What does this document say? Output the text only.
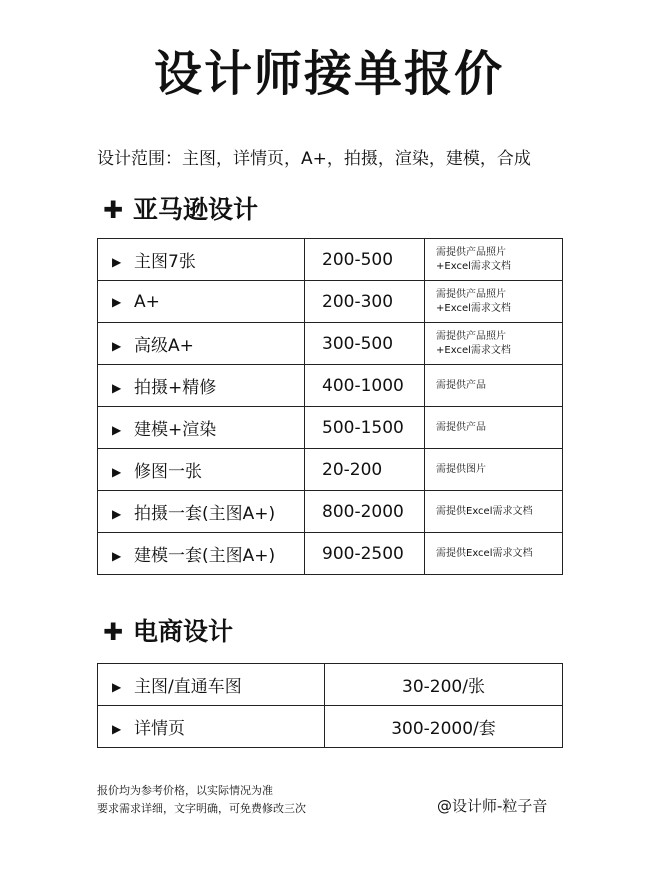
设计师接单报价
设计范围：主图，详情页，A+，拍摄，渲染，建模，合成
✚ 亚马逊设计
▶ 主图7张	200-500	需提供产品照片
+Excel需求文档

▶ A+	200-300	需提供产品照片
+Excel需求文档

▶ 高级A+	300-500	需提供产品照片
+Excel需求文档

▶ 拍摄+精修	400-1000	需提供产品

▶ 建模+渲染	500-1500	需提供产品

▶ 修图一张	20-200	需提供图片

▶ 拍摄一套(主图A+)	800-2000	需提供Excel需求文档

▶ 建模一套(主图A+)	900-2500	需提供Excel需求文档
✚ 电商设计
▶ 主图/直通车图	30-200/张
▶ 详情页	300-2000/套
报价均为参考价格，以实际情况为准
要求需求详细，文字明确，可免费修改三次	@设计师-粒子音
